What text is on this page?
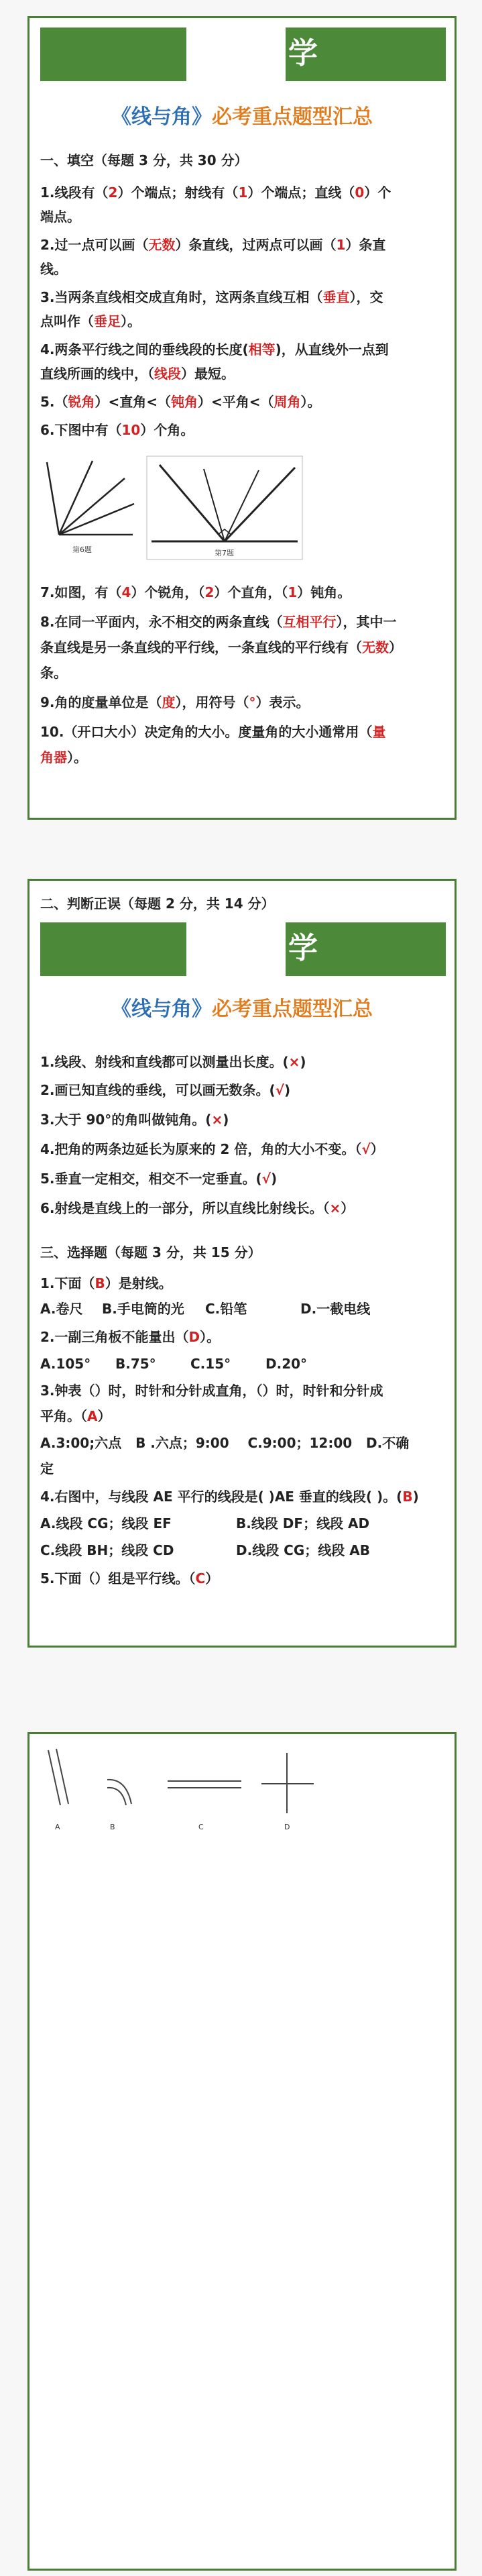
学
《线与角》必考重点题型汇总
一、填空（每题 3 分，共 30 分）
1.线段有（2）个端点；射线有（1）个端点；直线（0）个
端点。
2.过一点可以画（无数）条直线，过两点可以画（1）条直
线。
3.当两条直线相交成直角时，这两条直线互相（垂直），交
点叫作（垂足）。
4.两条平行线之间的垂线段的长度(相等)，从直线外一点到
直线所画的线中，（线段）最短。
5.（锐角）<直角<（钝角）<平角<（周角）。
6.下图中有（10）个角。
第6题	第7题
7.如图，有（4）个锐角，（2）个直角，（1）钝角。
8.在同一平面内，永不相交的两条直线（互相平行），其中一
条直线是另一条直线的平行线，一条直线的平行线有（无数）
条。
9.角的度量单位是（度），用符号（°）表示。
10.（开口大小）决定角的大小。度量角的大小通常用（量
角器）。
二、判断正误（每题 2 分，共 14 分）
学
《线与角》必考重点题型汇总
1.线段、射线和直线都可以测量出长度。(×)
2.画已知直线的垂线，可以画无数条。(√)
3.大于 90°的角叫做钝角。(×)
4.把角的两条边延长为原来的 2 倍，角的大小不变。（√）
5.垂直一定相交，相交不一定垂直。(√)
6.射线是直线上的一部分，所以直线比射线长。（×）
三、选择题（每题 3 分，共 15 分）
1.下面（B）是射线。
A.卷尺 B.手电筒的光 C.铅笔	D.一截电线
2.一副三角板不能量出（D）。
A.105° B.75°	C.15°	D.20°
3.钟表（）时，时针和分针成直角，（）时，时针和分针成
平角。（A）
A.3:00;六点   B .六点；9:00    C.9:00；12:00   D.不确
定
4.右图中，与线段 AE 平行的线段是( )AE 垂直的线段( )。(B)
A.线段 CG；线段 EF	B.线段 DF；线段 AD
C.线段 BH；线段 CD	D.线段 CG；线段 AB
5.下面（）组是平行线。（C）
A	B	C	D
